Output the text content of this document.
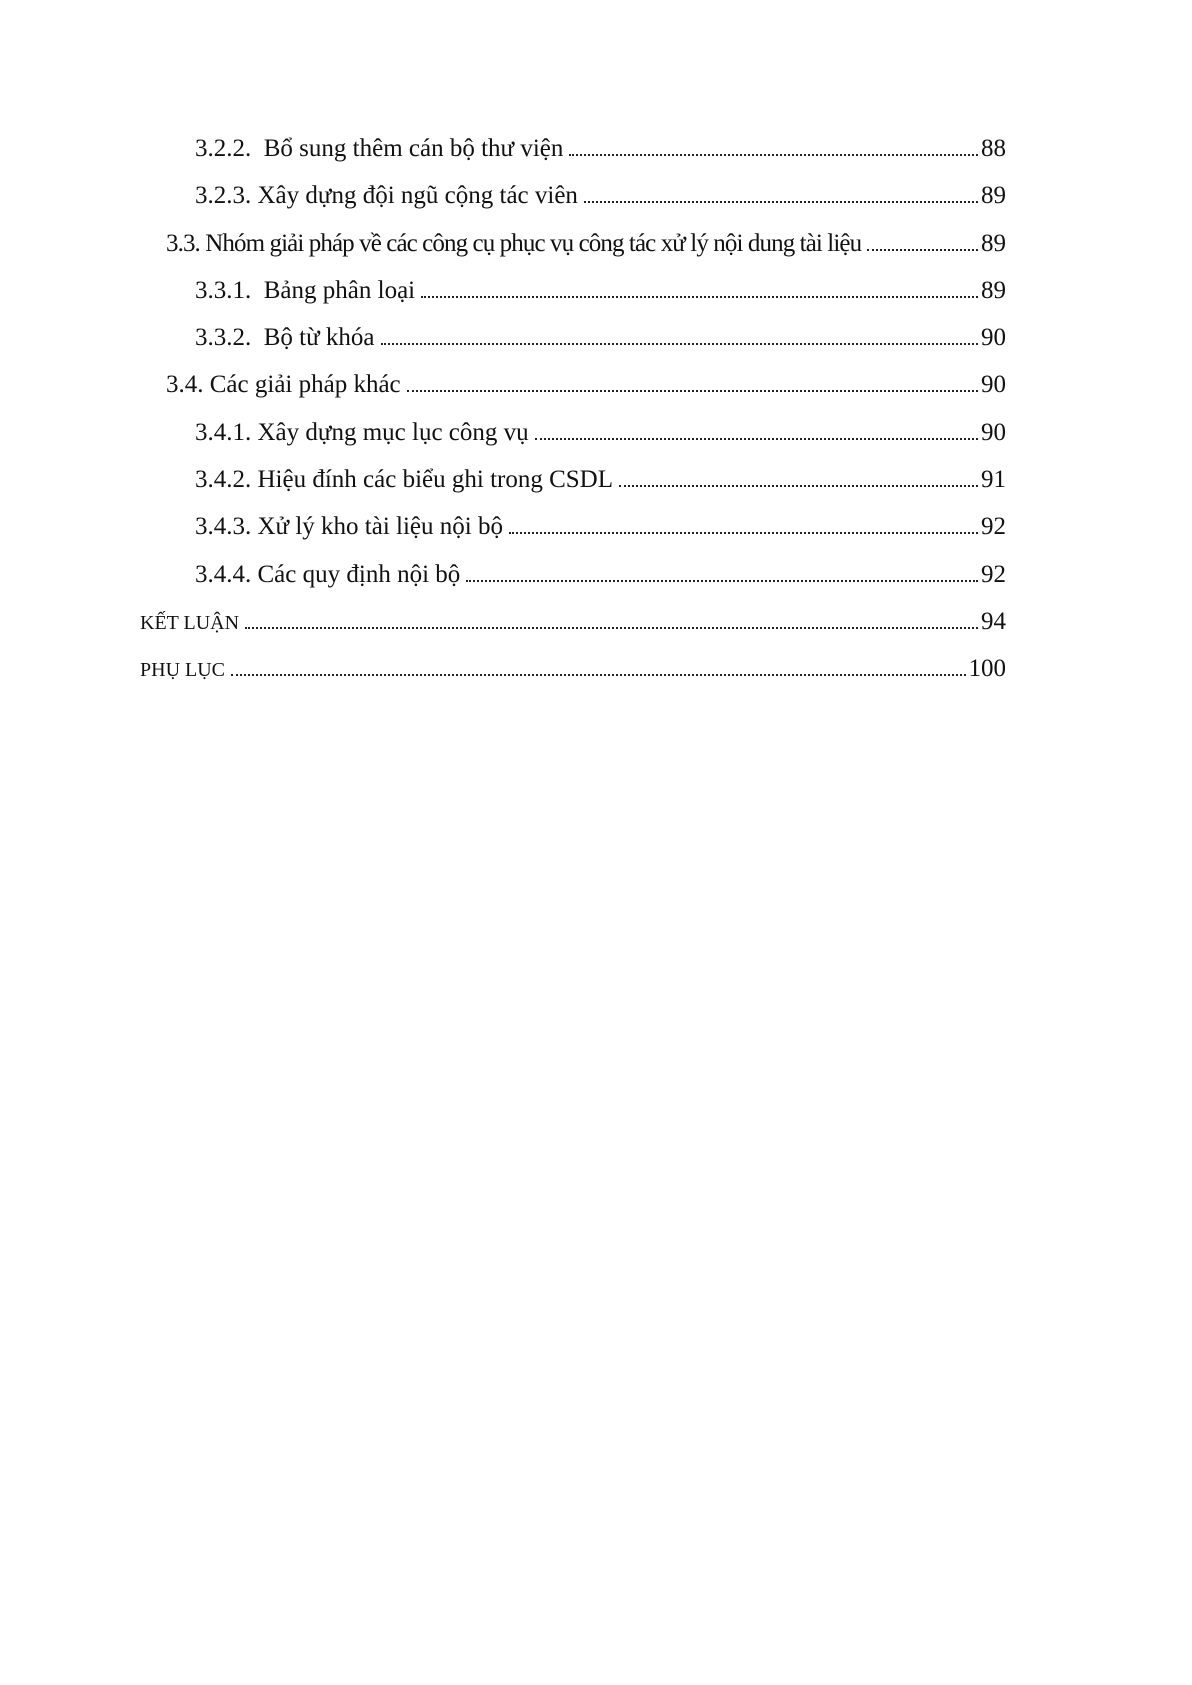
3.2.2. Bổ sung thêm cán bộ thư viện	88
3.2.3. Xây dựng đội ngũ cộng tác viên	89
3.3. Nhóm giải pháp về các công cụ phục vụ công tác xử lý nội dung tài liệu	89
3.3.1. Bảng phân loại	89
3.3.2. Bộ từ khóa	90
3.4. Các giải pháp khác	90
3.4.1. Xây dựng mục lục công vụ	90
3.4.2. Hiệu đính các biểu ghi trong CSDL	91
3.4.3. Xử lý kho tài liệu nội bộ	92
3.4.4. Các quy định nội bộ	92
KẾT LUẬN	94
PHỤ LỤC	100
